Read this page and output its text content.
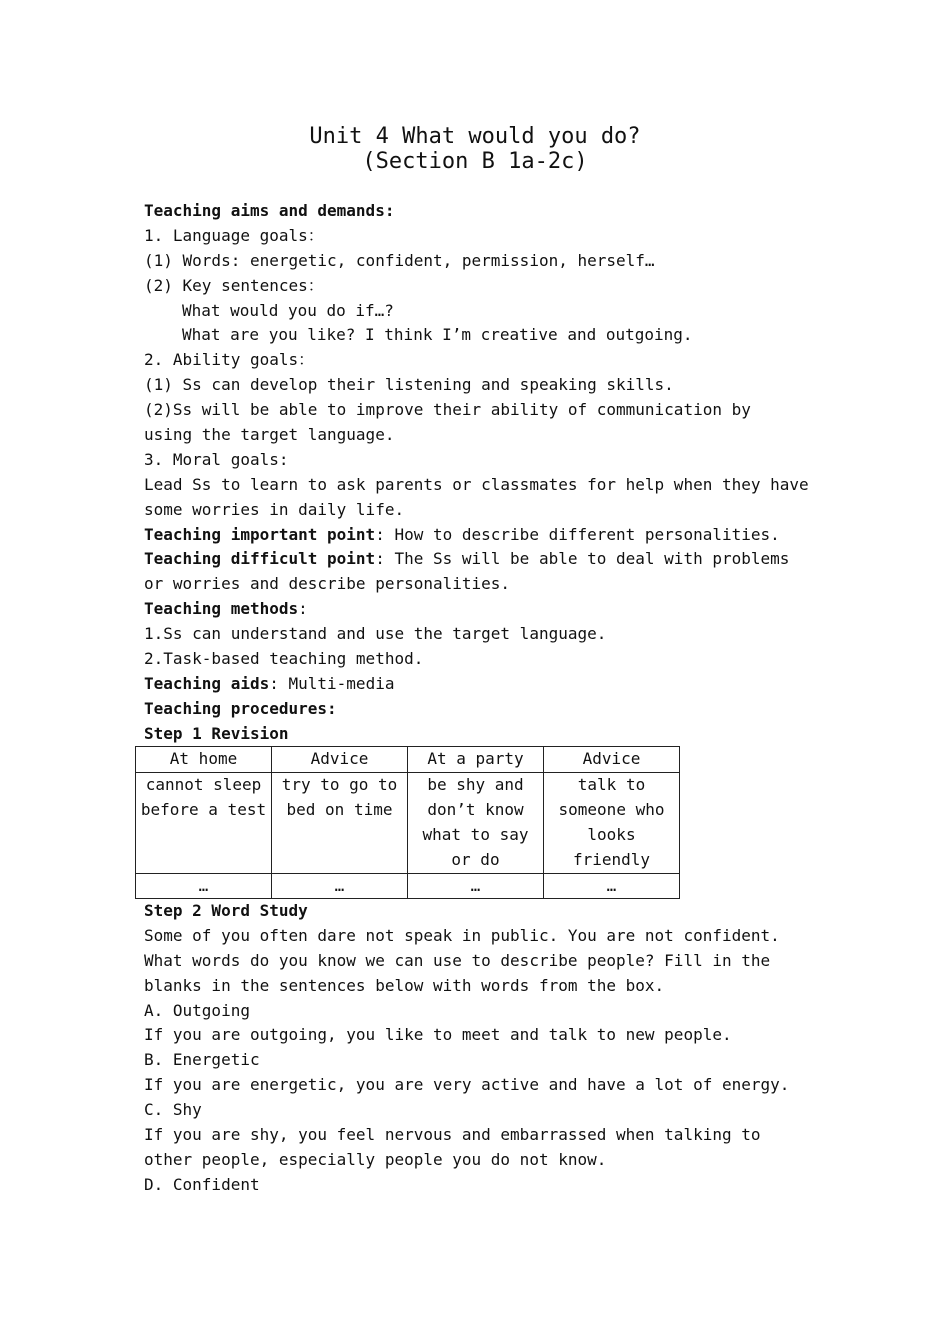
Unit 4 What would you do?
(Section B 1a-2c)
Teaching aims and demands:
1. Language goals：
(1) Words: energetic, confident, permission, herself…
(2) Key sentences：
What would you do if…?
What are you like? I think I’m creative and outgoing.
2. Ability goals：
(1) Ss can develop their listening and speaking skills.
(2)Ss will be able to improve their ability of communication by
using the target language.
3. Moral goals:
Lead Ss to learn to ask parents or classmates for help when they have
some worries in daily life.
Teaching important point: How to describe different personalities.
Teaching difficult point: The Ss will be able to deal with problems
or worries and describe personalities.
Teaching methods:
1.Ss can understand and use the target language.
2.Task-based teaching method.
Teaching aids: Multi-media
Teaching procedures:
Step 1 Revision
At home	Advice	At a party	Advice
cannot sleep before a test	try to go to bed on time	be shy and don’t know what to say or do	talk to someone who looks friendly
…	…	…	…
Step 2 Word Study
Some of you often dare not speak in public. You are not confident.
What words do you know we can use to describe people? Fill in the
blanks in the sentences below with words from the box.
A. Outgoing
If you are outgoing, you like to meet and talk to new people.
B. Energetic
If you are energetic, you are very active and have a lot of energy.
C. Shy
If you are shy, you feel nervous and embarrassed when talking to
other people, especially people you do not know.
D. Confident
